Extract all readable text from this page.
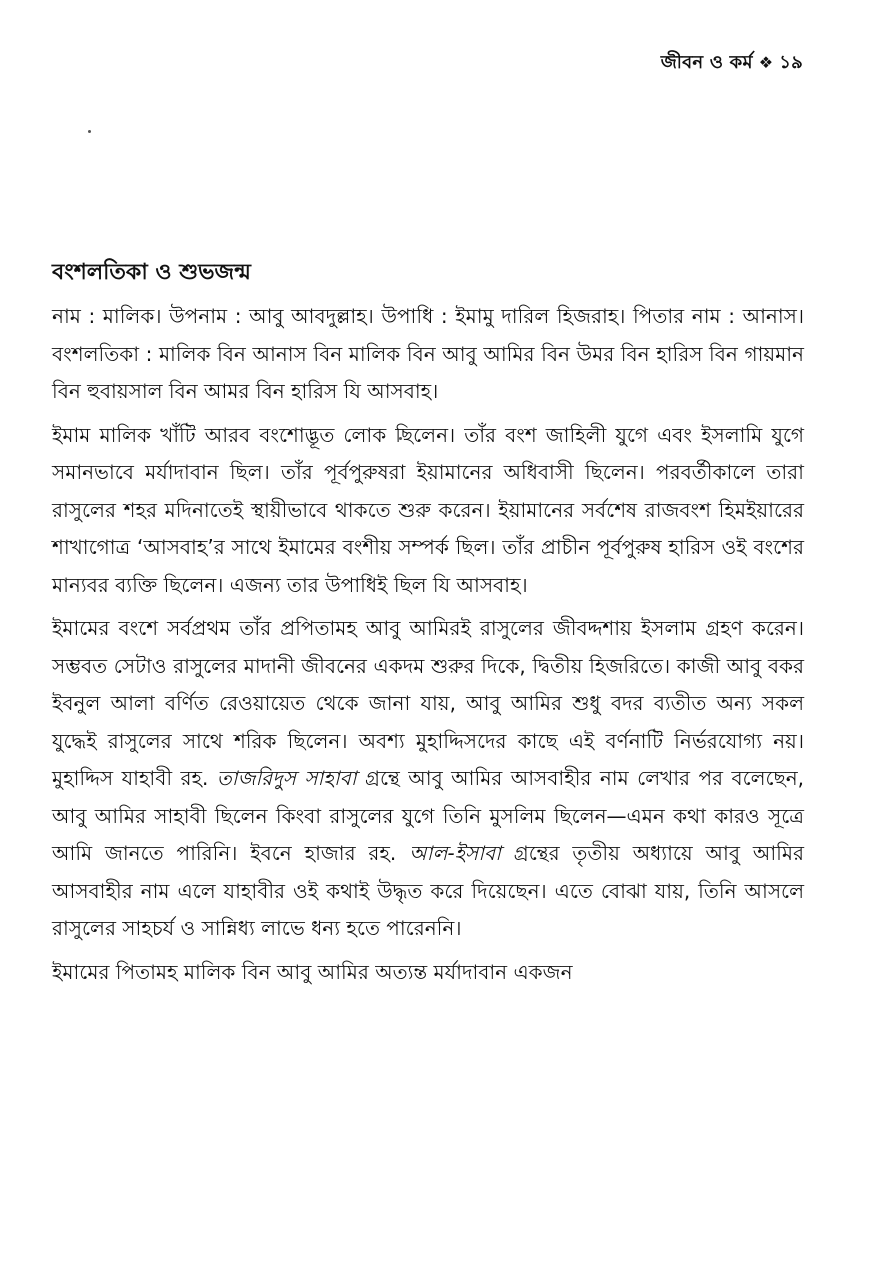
জীবন ও কর্ম ❖ ১৯
বংশলতিকা ও শুভজন্ম

নাম : মালিক। উপনাম : আবু আবদুল্লাহ। উপাধি : ইমামু দারিল হিজরাহ। পিতার নাম : আনাস। বংশলতিকা : মালিক বিন আনাস বিন মালিক বিন আবু আমির বিন উমর বিন হারিস বিন গায়মান বিন হুবায়সাল বিন আমর বিন হারিস যি আসবাহ।

ইমাম মালিক খাঁটি আরব বংশোদ্ভূত লোক ছিলেন। তাঁর বংশ জাহিলী যুগে এবং ইসলামি যুগে সমানভাবে মর্যাদাবান ছিল। তাঁর পূর্বপুরুষরা ইয়ামানের অধিবাসী ছিলেন। পরবর্তীকালে তারা রাসুলের শহর মদিনাতেই স্থায়ীভাবে থাকতে শুরু করেন। ইয়ামানের সর্বশেষ রাজবংশ হিমইয়ারের শাখাগোত্র ‘আসবাহ’র সাথে ইমামের বংশীয় সম্পর্ক ছিল। তাঁর প্রাচীন পূর্বপুরুষ হারিস ওই বংশের মান্যবর ব্যক্তি ছিলেন। এজন্য তার উপাধিই ছিল যি আসবাহ।

ইমামের বংশে সর্বপ্রথম তাঁর প্রপিতামহ আবু আমিরই রাসুলের জীবদ্দশায় ইসলাম গ্রহণ করেন। সম্ভবত সেটাও রাসুলের মাদানী জীবনের একদম শুরুর দিকে, দ্বিতীয় হিজরিতে। কাজী আবু বকর ইবনুল আলা বর্ণিত রেওয়ায়েত থেকে জানা যায়, আবু আমির শুধু বদর ব্যতীত অন্য সকল যুদ্ধেই রাসুলের সাথে শরিক ছিলেন। অবশ্য মুহাদ্দিসদের কাছে এই বর্ণনাটি নির্ভরযোগ্য নয়। মুহাদ্দিস যাহাবী রহ. তাজরিদুস সাহাবা গ্রন্থে আবু আমির আসবাহীর নাম লেখার পর বলেছেন, আবু আমির সাহাবী ছিলেন কিংবা রাসুলের যুগে তিনি মুসলিম ছিলেন—এমন কথা কারও সূত্রে আমি জানতে পারিনি। ইবনে হাজার রহ. আল-ইসাবা গ্রন্থের তৃতীয় অধ্যায়ে আবু আমির আসবাহীর নাম এলে যাহাবীর ওই কথাই উদ্ধৃত করে দিয়েছেন। এতে বোঝা যায়, তিনি আসলে রাসুলের সাহচর্য ও সান্নিধ্য লাভে ধন্য হতে পারেননি।

ইমামের পিতামহ মালিক বিন আবু আমির অত্যন্ত মর্যাদাবান একজন
